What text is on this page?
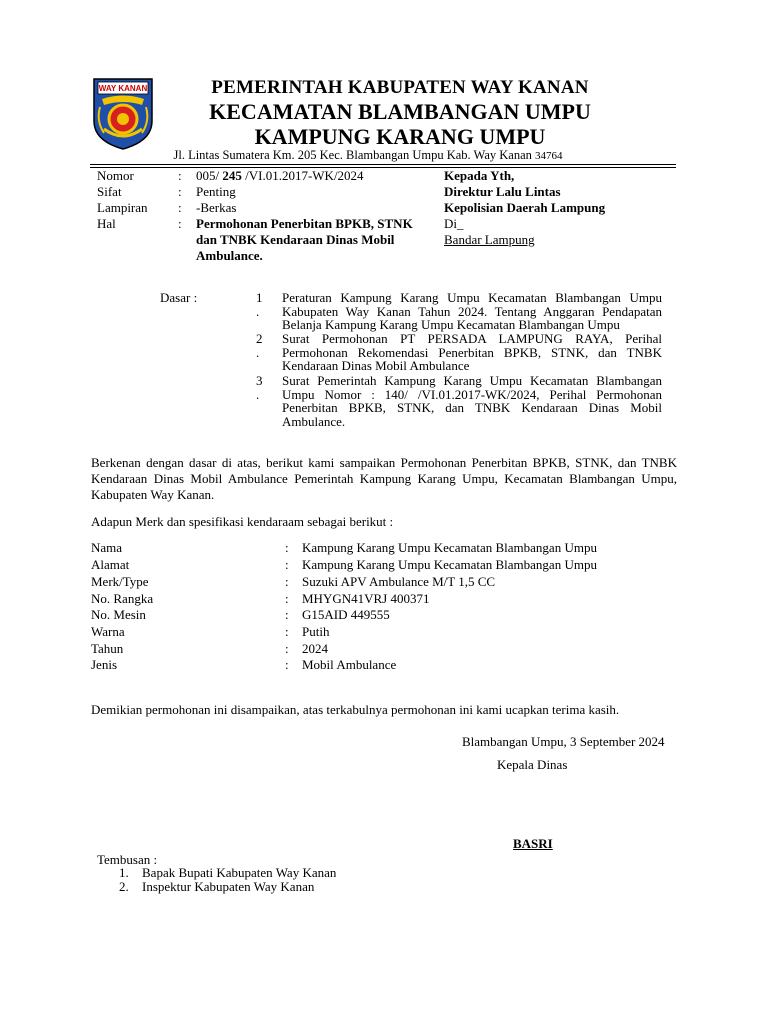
WAY KANAN	PEMERINTAH KABUPATEN WAY KANAN
KECAMATAN BLAMBANGAN UMPU
KAMPUNG KARANG UMPU
Jl. Lintas Sumatera Km. 205 Kec. Blambangan Umpu Kab. Way Kanan 34764
Nomor	: 005/ 245 /VI.01.2017-WK/2024
Sifat	: Penting
Lampiran : -Berkas
Hal	: Permohonan Penerbitan BPKB, STNK dan TNBK Kendaraan Dinas Mobil Ambulance.
Kepada Yth,
Direktur Lalu Lintas
Kepolisian Daerah Lampung
Di_
Bandar Lampung
Dasar :	1
.
Peraturan Kampung Karang Umpu Kecamatan Blambangan Umpu Kabupaten Way Kanan Tahun 2024. Tentang Anggaran Pendapatan Belanja Kampung Karang Umpu Kecamatan Blambangan Umpu
2
.
Surat Permohonan PT PERSADA LAMPUNG RAYA, Perihal Permohonan Rekomendasi Penerbitan BPKB, STNK, dan TNBK Kendaraan Dinas Mobil Ambulance
3
.
Surat Pemerintah Kampung Karang Umpu Kecamatan Blambangan Umpu Nomor : 140/ /VI.01.2017-WK/2024, Perihal Permohonan Penerbitan BPKB, STNK, dan TNBK Kendaraan Dinas Mobil Ambulance.
Berkenan dengan dasar di atas, berikut kami sampaikan Permohonan Penerbitan BPKB, STNK, dan TNBK Kendaraan Dinas Mobil Ambulance Pemerintah Kampung Karang Umpu, Kecamatan Blambangan Umpu, Kabupaten Way Kanan.
Adapun Merk dan spesifikasi kendaraam sebagai berikut :
Nama	: Kampung Karang Umpu Kecamatan Blambangan Umpu
Alamat	: Kampung Karang Umpu Kecamatan Blambangan Umpu
Merk/Type	: Suzuki APV Ambulance M/T 1,5 CC
No. Rangka	: MHYGN41VRJ 400371
No. Mesin	: G15AID 449555
Warna	: Putih
Tahun	: 2024
Jenis	: Mobil Ambulance
Demikian permohonan ini disampaikan, atas terkabulnya permohonan ini kami ucapkan terima kasih.
Blambangan Umpu, 3 September 2024
Kepala Dinas
BASRI
Tembusan :
1. Bapak Bupati Kabupaten Way Kanan
2. Inspektur Kabupaten Way Kanan
